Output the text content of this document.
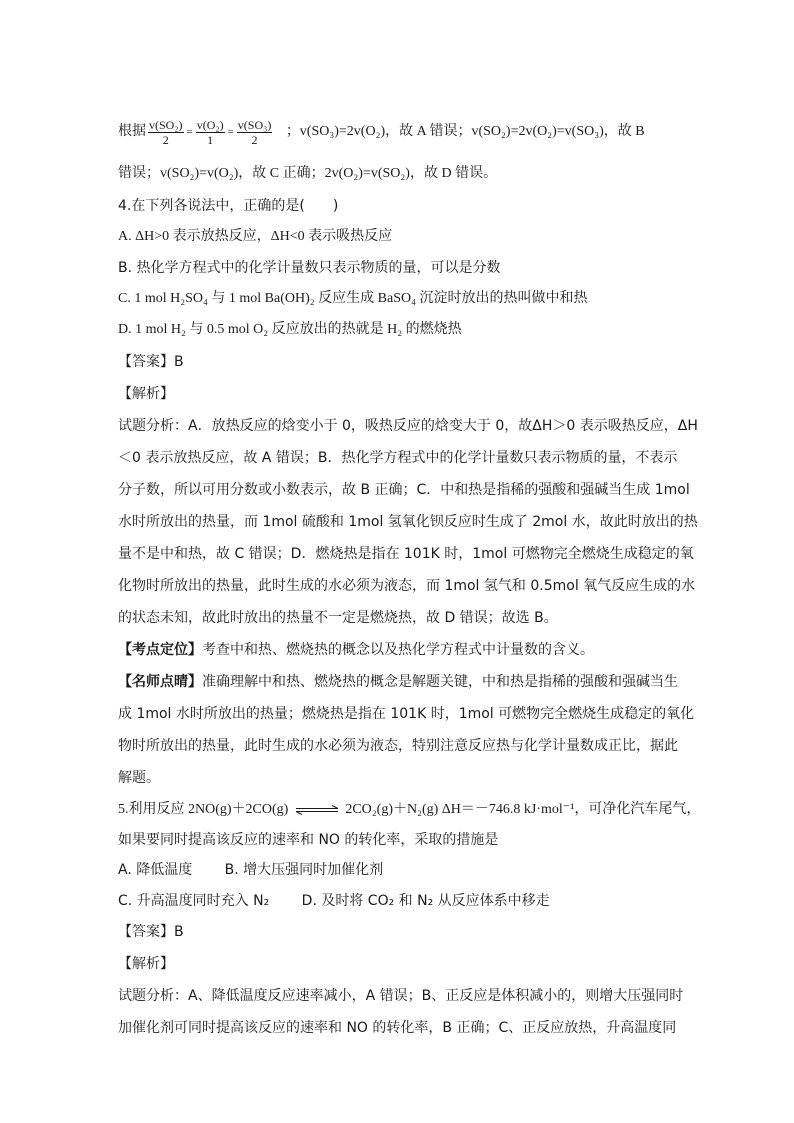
根据 $\frac{\text{v(SO₂)}}{2} = \frac{\text{v(O₂)}}{1} = \frac{\text{v(SO₃)}}{2}$ ；v(SO₃)=2v(O₂)，故 A 错误；v(SO₂)=2v(O₂)=v(SO₃)，故 B
错误；v(SO₂)=v(O₂)，故 C 正确；2v(O₂)=v(SO₂)，故 D 错误。
4.在下列各说法中，正确的是(　　)
A. ΔH>0 表示放热反应，ΔH<0 表示吸热反应
B. 热化学方程式中的化学计量数只表示物质的量，可以是分数
C. 1 mol H₂SO₄ 与 1 mol Ba(OH)₂ 反应生成 BaSO₄ 沉淀时放出的热叫做中和热
D. 1 mol H₂ 与 0.5 mol O₂ 反应放出的热就是 H₂ 的燃烧热
【答案】B
【解析】
试题分析：A．放热反应的焓变小于 0，吸热反应的焓变大于 0，故ΔH＞0 表示吸热反应，ΔH
＜0 表示放热反应，故 A 错误；B．热化学方程式中的化学计量数只表示物质的量，不表示
分子数，所以可用分数或小数表示，故 B 正确；C．中和热是指稀的强酸和强碱当生成 1mol
水时所放出的热量，而 1mol 硫酸和 1mol 氢氧化钡反应时生成了 2mol 水，故此时放出的热
量不是中和热，故 C 错误；D．燃烧热是指在 101K 时，1mol 可燃物完全燃烧生成稳定的氧
化物时所放出的热量，此时生成的水必须为液态，而 1mol 氢气和 0.5mol 氧气反应生成的水
的状态未知，故此时放出的热量不一定是燃烧热，故 D 错误；故选 B。
【考点定位】考查中和热、燃烧热的概念以及热化学方程式中计量数的含义。
【名师点晴】准确理解中和热、燃烧热的概念是解题关键，中和热是指稀的强酸和强碱当生
成 1mol 水时所放出的热量；燃烧热是指在 101K 时，1mol 可燃物完全燃烧生成稳定的氧化
物时所放出的热量，此时生成的水必须为液态，特别注意反应热与化学计量数成正比，据此
解题。
5.利用反应 2NO(g)＋2CO(g) ⇌ 2CO₂(g)＋N₂(g) ΔH＝－746.8 kJ·mol⁻¹，可净化汽车尾气，
如果要同时提高该反应的速率和 NO 的转化率，采取的措施是
A. 降低温度　　 B. 增大压强同时加催化剂
C. 升高温度同时充入 N₂　　 D. 及时将 CO₂ 和 N₂ 从反应体系中移走
【答案】B
【解析】
试题分析：A、降低温度反应速率减小，A 错误；B、正反应是体积减小的，则增大压强同时
加催化剂可同时提高该反应的速率和 NO 的转化率，B 正确；C、正反应放热，升高温度同
